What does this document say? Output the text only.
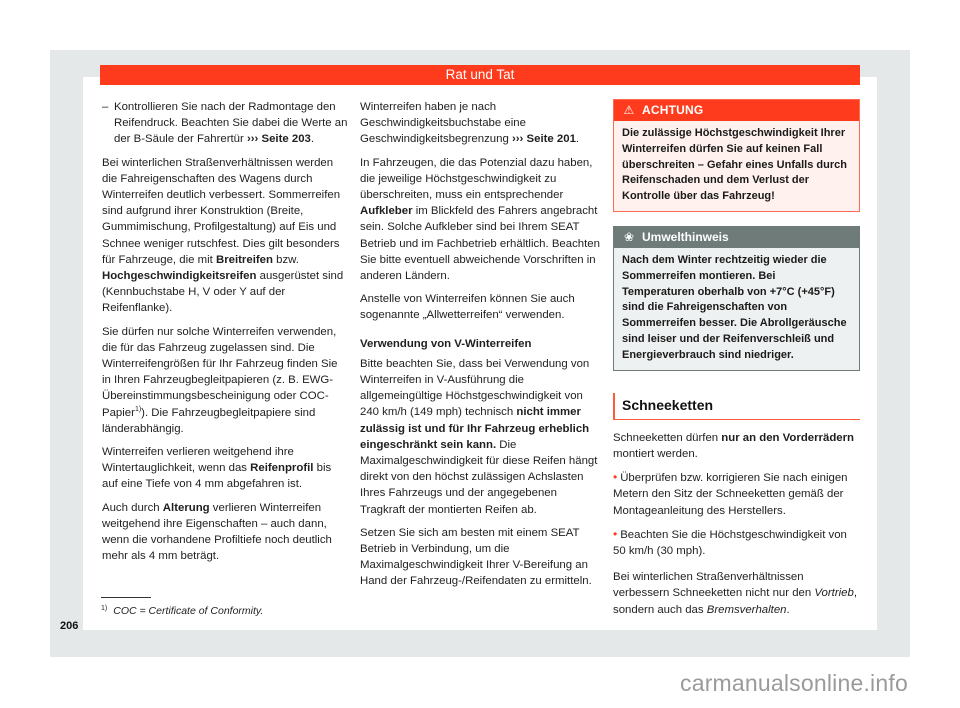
Rat und Tat

– Kontrollieren Sie nach der Radmontage den Reifendruck. Beachten Sie dabei die Werte an der B-Säule der Fahrertür ››› Seite 203.

Bei winterlichen Straßenverhältnissen werden die Fahreigenschaften des Wagens durch Winterreifen deutlich verbessert. Sommerreifen sind aufgrund ihrer Konstruktion (Breite, Gummimischung, Profilgestaltung) auf Eis und Schnee weniger rutschfest. Dies gilt besonders für Fahrzeuge, die mit Breitreifen bzw. Hochgeschwindigkeitsreifen ausgerüstet sind (Kennbuchstabe H, V oder Y auf der Reifenflanke).

Sie dürfen nur solche Winterreifen verwenden, die für das Fahrzeug zugelassen sind. Die Winterreifengrößen für Ihr Fahrzeug finden Sie in Ihren Fahrzeugbegleitpapieren (z. B. EWG-Übereinstimmungsbescheinigung oder COC-Papier$^{1)}$). Die Fahrzeugbegleitpapiere sind länderabhängig.

Winterreifen verlieren weitgehend ihre Wintertauglichkeit, wenn das Reifenprofil bis auf eine Tiefe von 4 mm abgefahren ist.

Auch durch Alterung verlieren Winterreifen weitgehend ihre Eigenschaften – auch dann, wenn die vorhandene Profiltiefe noch deutlich mehr als 4 mm beträgt.

Winterreifen haben je nach Geschwindigkeitsbuchstabe eine Geschwindigkeitsbegrenzung ››› Seite 201.

In Fahrzeugen, die das Potenzial dazu haben, die jeweilige Höchstgeschwindigkeit zu überschreiten, muss ein entsprechender Aufkleber im Blickfeld des Fahrers angebracht sein. Solche Aufkleber sind bei Ihrem SEAT Betrieb und im Fachbetrieb erhältlich. Beachten Sie bitte eventuell abweichende Vorschriften in anderen Ländern.

Anstelle von Winterreifen können Sie auch sogenannte „Allwetterreifen“ verwenden.

Verwendung von V-Winterreifen

Bitte beachten Sie, dass bei Verwendung von Winterreifen in V-Ausführung die allgemeingültige Höchstgeschwindigkeit von 240 km/h (149 mph) technisch nicht immer zulässig ist und für Ihr Fahrzeug erheblich eingeschränkt sein kann. Die Maximalgeschwindigkeit für diese Reifen hängt direkt von den höchst zulässigen Achslasten Ihres Fahrzeugs und der angegebenen Tragkraft der montierten Reifen ab.

Setzen Sie sich am besten mit einem SEAT Betrieb in Verbindung, um die Maximalgeschwindigkeit Ihrer V-Bereifung an Hand der Fahrzeug-/Reifendaten zu ermitteln.

⚠ ACHTUNG
Die zulässige Höchstgeschwindigkeit Ihrer Winterreifen dürfen Sie auf keinen Fall überschreiten – Gefahr eines Unfalls durch Reifenschaden und dem Verlust der Kontrolle über das Fahrzeug!
❀ Umwelthinweis
Nach dem Winter rechtzeitig wieder die Sommerreifen montieren. Bei Temperaturen oberhalb von +7°C (+45°F) sind die Fahreigenschaften von Sommerreifen besser. Die Abrollgeräusche sind leiser und der Reifenverschleiß und Energieverbrauch sind niedriger.
Schneeketten

Schneeketten dürfen nur an den Vorderrädern montiert werden.

• Überprüfen bzw. korrigieren Sie nach einigen Metern den Sitz der Schneeketten gemäß der Montageanleitung des Herstellers.

• Beachten Sie die Höchstgeschwindigkeit von 50 km/h (30 mph).

Bei winterlichen Straßenverhältnissen verbessern Schneeketten nicht nur den Vortrieb, sondern auch das Bremsverhalten.

$^{1)}$ COC = Certificate of Conformity.
206
carmanualsonline.info
